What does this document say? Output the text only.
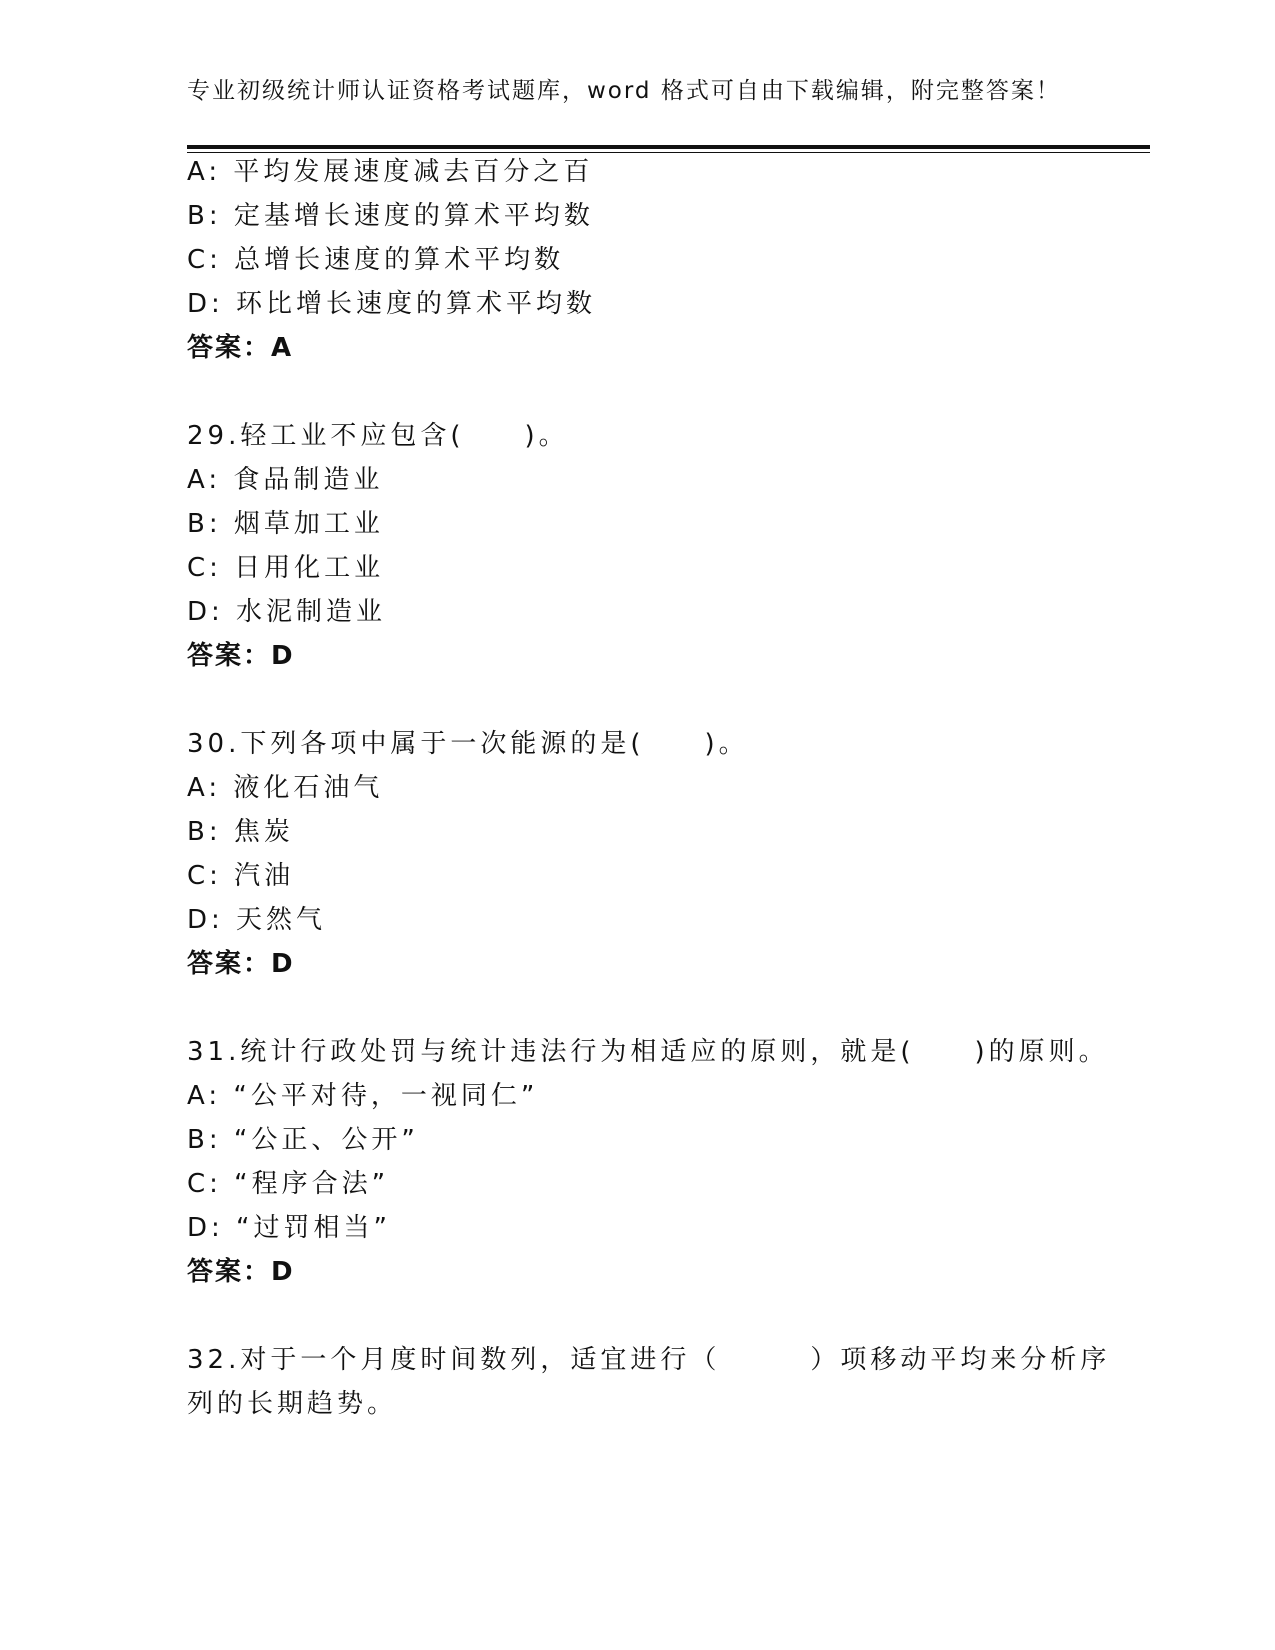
专业初级统计师认证资格考试题库，word 格式可自由下载编辑，附完整答案！
A: 平均发展速度减去百分之百
B: 定基增长速度的算术平均数
C: 总增长速度的算术平均数
D: 环比增长速度的算术平均数
答案：A
29.轻工业不应包含(　　)。
A: 食品制造业
B: 烟草加工业
C: 日用化工业
D: 水泥制造业
答案：D
30.下列各项中属于一次能源的是(　　)。
A: 液化石油气
B: 焦炭
C: 汽油
D: 天然气
答案：D
31.统计行政处罚与统计违法行为相适应的原则，就是(　　)的原则。
A: “公平对待，一视同仁”
B: “公正、公开”
C: “程序合法”
D: “过罚相当”
答案：D
32.对于一个月度时间数列，适宜进行（　　　）项移动平均来分析序
列的长期趋势。
